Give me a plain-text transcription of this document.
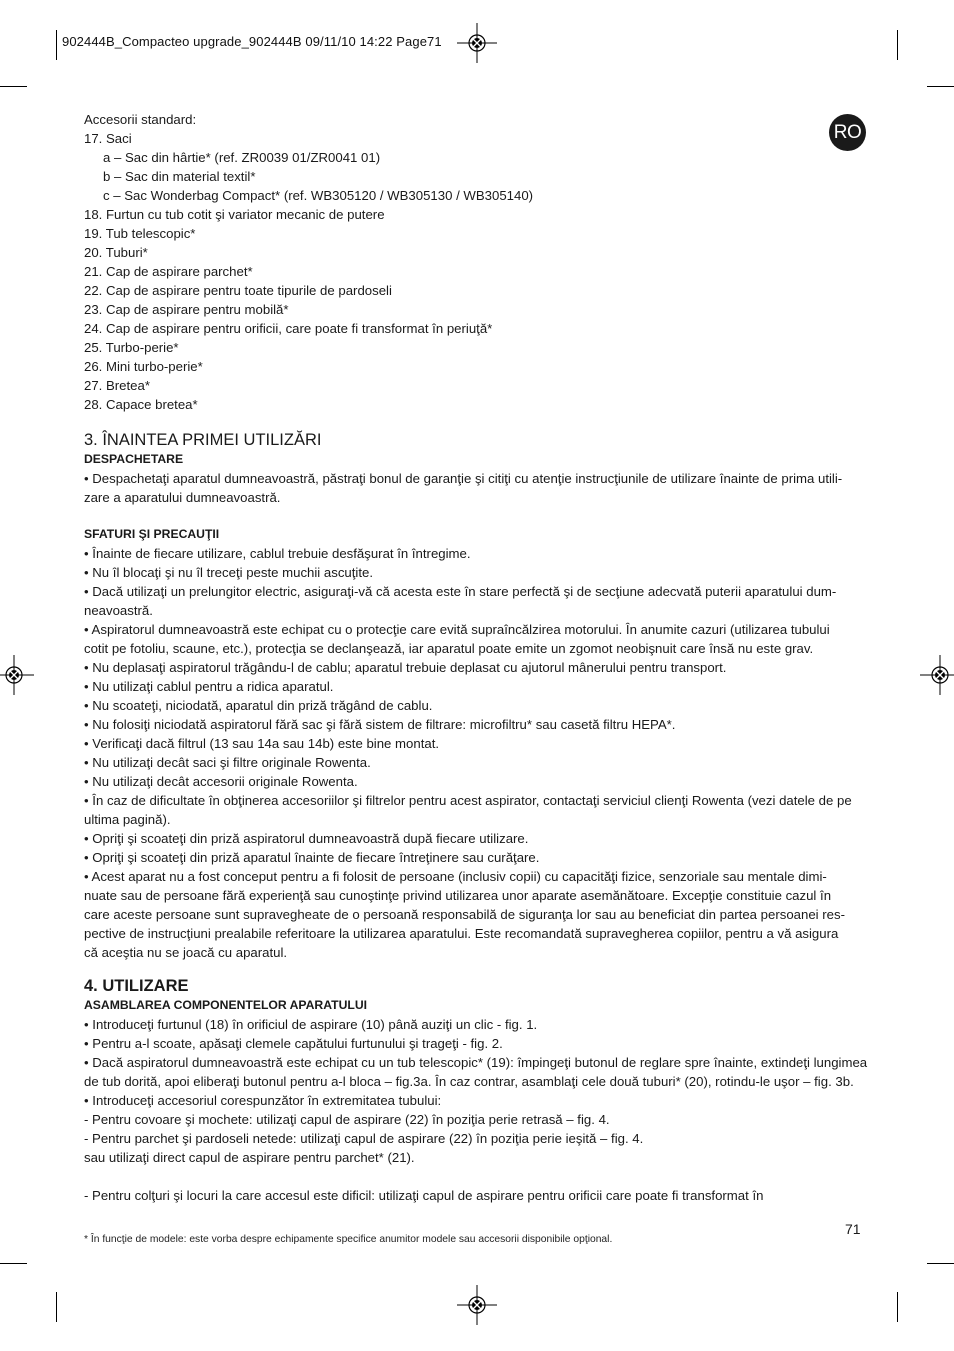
902444B_Compacteo upgrade_902444B 09/11/10 14:22 Page71
RO
Accesorii standard:
17. Saci
a – Sac din hârtie* (ref. ZR0039 01/ZR0041 01)
b – Sac din material textil*
c – Sac Wonderbag Compact* (ref. WB305120 / WB305130 / WB305140)
18. Furtun cu tub cotit şi variator mecanic de putere
19. Tub telescopic*
20. Tuburi*
21. Cap de aspirare parchet*
22. Cap de aspirare pentru toate tipurile de pardoseli
23. Cap de aspirare pentru mobilă*
24. Cap de aspirare pentru orificii, care poate fi transformat în periuţă*
25. Turbo-perie*
26. Mini turbo-perie*
27. Bretea*
28. Capace bretea*
3. ÎNAINTEA PRIMEI UTILIZĂRI
DESPACHETARE
• Despachetaţi aparatul dumneavoastră, păstraţi bonul de garanţie şi citiţi cu atenţie instrucţiunile de utilizare înainte de prima utili-
zare a aparatului dumneavoastră.
SFATURI ŞI PRECAUŢII
• Înainte de fiecare utilizare, cablul trebuie desfăşurat în întregime.
• Nu îl blocaţi şi nu îl treceţi peste muchii ascuţite.
• Dacă utilizaţi un prelungitor electric, asiguraţi-vă că acesta este în stare perfectă şi de secţiune adecvată puterii aparatului dum-
neavoastră.
• Aspiratorul dumneavoastră este echipat cu o protecţie care evită supraîncălzirea motorului. În anumite cazuri (utilizarea tubului
cotit pe fotoliu, scaune, etc.), protecţia se declanşează, iar aparatul poate emite un zgomot neobişnuit care însă nu este grav.
• Nu deplasaţi aspiratorul trăgându-l de cablu; aparatul trebuie deplasat cu ajutorul mânerului pentru transport.
• Nu utilizaţi cablul pentru a ridica aparatul.
• Nu scoateţi, niciodată, aparatul din priză trăgând de cablu.
• Nu folosiţi niciodată aspiratorul fără sac şi fără sistem de filtrare: microfiltru* sau casetă filtru HEPA*.
• Verificaţi dacă filtrul (13 sau 14a sau 14b) este bine montat.
• Nu utilizaţi decât saci şi filtre originale Rowenta.
• Nu utilizaţi decât accesorii originale Rowenta.
• În caz de dificultate în obţinerea accesoriilor şi filtrelor pentru acest aspirator, contactaţi serviciul clienţi Rowenta (vezi datele de pe
ultima pagină).
• Opriţi şi scoateţi din priză aspiratorul dumneavoastră după fiecare utilizare.
• Opriţi şi scoateţi din priză aparatul înainte de fiecare întreţinere sau curăţare.
• Acest aparat nu a fost conceput pentru a fi folosit de persoane (inclusiv copii) cu capacităţi fizice, senzoriale sau mentale dimi-
nuate sau de persoane fără experienţă sau cunoştinţe privind utilizarea unor aparate asemănătoare. Excepţie constituie cazul în
care aceste persoane sunt supravegheate de o persoană responsabilă de siguranţa lor sau au beneficiat din partea persoanei res-
pective de instrucţiuni prealabile referitoare la utilizarea aparatului. Este recomandată supravegherea copiilor, pentru a vă asigura
că aceştia nu se joacă cu aparatul.
4. UTILIZARE
ASAMBLAREA COMPONENTELOR APARATULUI
• Introduceţi furtunul (18) în orificiul de aspirare (10) până auziţi un clic - fig. 1.
• Pentru a-l scoate, apăsaţi clemele capătului furtunului şi trageţi - fig. 2.
• Dacă aspiratorul dumneavoastră este echipat cu un tub telescopic* (19): împingeţi butonul de reglare spre înainte, extindeţi lungimea
de tub dorită, apoi eliberaţi butonul pentru a-l bloca – fig.3a. În caz contrar, asamblaţi cele două tuburi* (20), rotindu-le uşor – fig. 3b.
• Introduceţi accesoriul corespunzător în extremitatea tubului:
- Pentru covoare şi mochete: utilizaţi capul de aspirare (22) în poziţia perie retrasă – fig. 4.
- Pentru parchet şi pardoseli netede: utilizaţi capul de aspirare (22) în poziţia perie ieşită – fig. 4.
sau utilizaţi direct capul de aspirare pentru parchet* (21).
- Pentru colţuri şi locuri la care accesul este dificil: utilizaţi capul de aspirare pentru orificii care poate fi transformat în
71
* În funcţie de modele: este vorba despre echipamente specifice anumitor modele sau accesorii disponibile opţional.
